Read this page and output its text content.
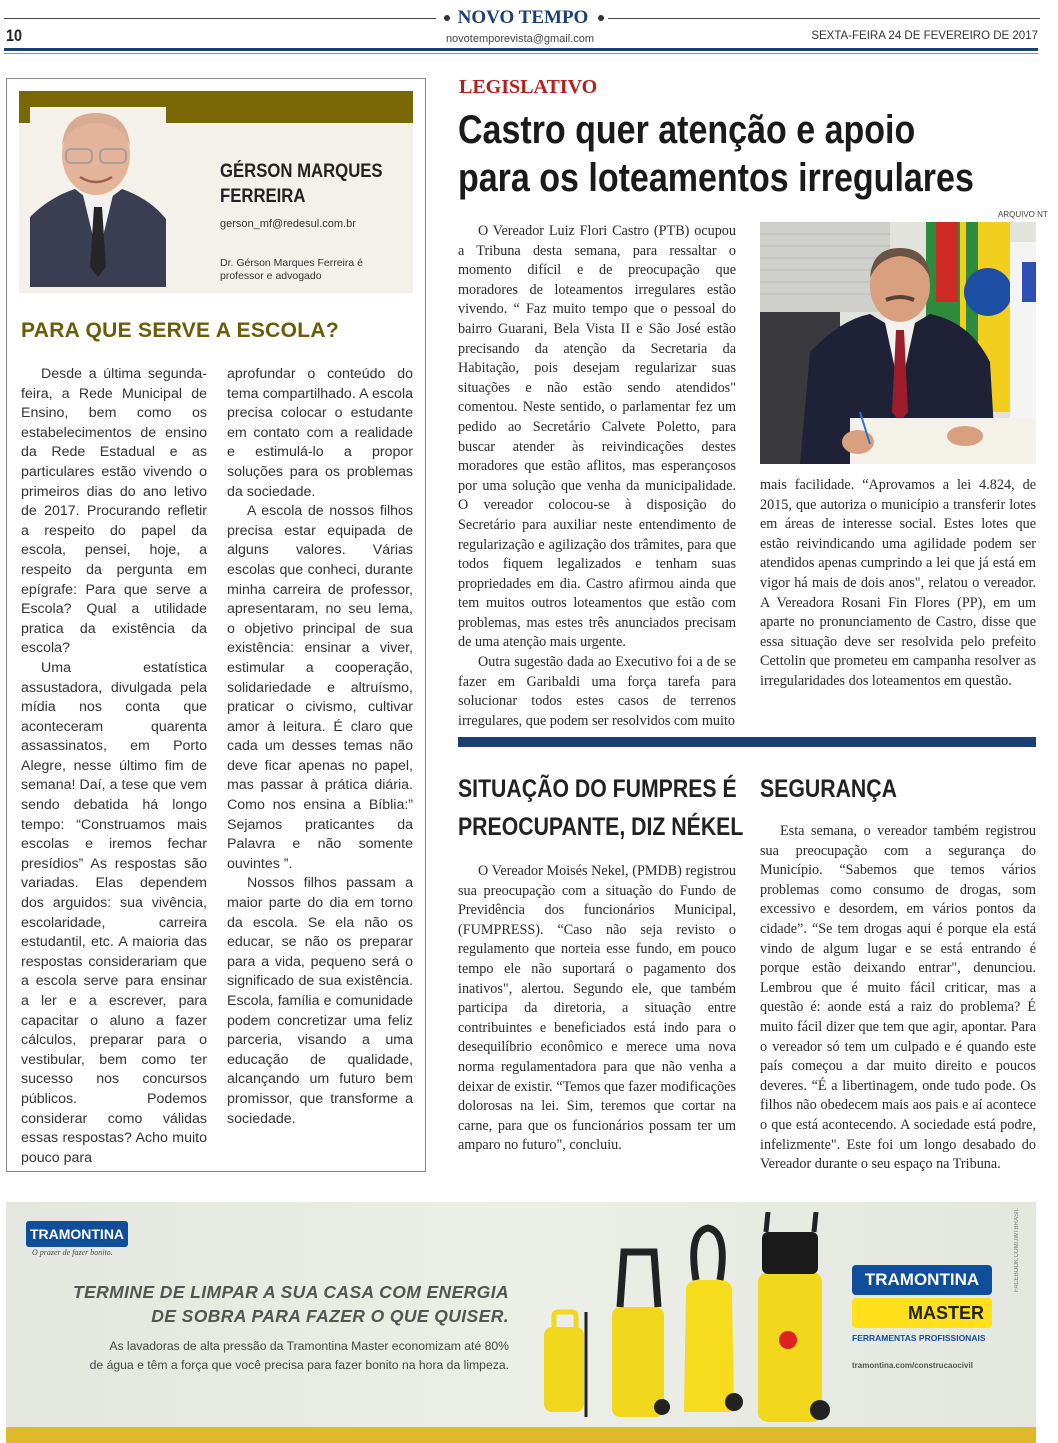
NOVO TEMPO
10	novotemporevista@gmail.com	SEXTA-FEIRA 24 DE FEVEREIRO DE 2017
GÉRSON MARQUES
FERREIRA
gerson_mf@redesul.com.br
Dr. Gérson Marques Ferreira é professor e advogado
PARA QUE SERVE A ESCOLA?

Desde a última segunda-feira, a Rede Municipal de Ensino, bem como os estabelecimentos de ensino da Rede Estadual e as particulares estão vivendo o primeiros dias do ano letivo de 2017. Procurando refletir a respeito do papel da escola, pensei, hoje, a respeito da pergunta em epígrafe: Para que serve a Escola? Qual a utilidade pratica da existência da escola?

Uma estatística assustadora, divulgada pela mídia nos conta que aconteceram quarenta assassinatos, em Porto Alegre, nesse último fim de semana! Daí, a tese que vem sendo debatida há longo tempo: “Construamos mais escolas e iremos fechar presídios” As respostas são variadas. Elas dependem dos arguidos: sua vivência, escolaridade, carreira estudantil, etc. A maioria das respostas considerariam que a escola serve para ensinar a ler e a escrever, para capacitar o aluno a fazer cálculos, preparar para o vestibular, bem como ter sucesso nos concursos públicos. Podemos considerar como válidas essas respostas? Acho muito pouco para

aprofundar o conteúdo do tema compartilhado. A escola precisa colocar o estudante em contato com a realidade e estimulá-lo a propor soluções para os problemas da sociedade.

A escola de nossos filhos precisa estar equipada de alguns valores. Várias escolas que conheci, durante minha carreira de professor, apresentaram, no seu lema, o objetivo principal de sua existência: ensinar a viver, estimular a cooperação, solidariedade e altruísmo, praticar o civismo, cultivar amor à leitura. É claro que cada um desses temas não deve ficar apenas no papel, mas passar à prática diária. Como nos ensina a Bíblia:” Sejamos praticantes da Palavra e não somente ouvintes ”.

Nossos filhos passam a maior parte do dia em torno da escola. Se ela não os educar, se não os preparar para a vida, pequeno será o significado de sua existência. Escola, família e comunidade podem concretizar uma feliz parceria, visando a uma educação de qualidade, alcançando um futuro bem promissor, que transforme a sociedade.

LEGISLATIVO
Castro quer atenção e apoio
para os loteamentos irregulares
ARQUIVO NT

O Vereador Luiz Flori Castro (PTB) ocupou a Tribuna desta semana, para ressaltar o momento difícil e de preocupação que moradores de loteamentos irregulares estão vivendo. “ Faz muito tempo que o pessoal do bairro Guarani, Bela Vista II e São José estão precisando da atenção da Secretaria da Habitação, pois desejam regularizar suas situações e não estão sendo atendidos" comentou. Neste sentido, o parlamentar fez um pedido ao Secretário Calvete Poletto, para buscar atender às reivindicações destes moradores que estão aflitos, mas esperançosos por uma solução que venha da municipalidade. O vereador colocou-se à disposição do Secretário para auxiliar neste entendimento de regularização e agilização dos trâmites, para que todos fiquem legalizados e tenham suas propriedades em dia. Castro afirmou ainda que tem muitos outros loteamentos que estão com problemas, mas estes três anunciados precisam de uma atenção mais urgente.

Outra sugestão dada ao Executivo foi a de se fazer em Garibaldi uma força tarefa para solucionar todos estes casos de terrenos irregulares, que podem ser resolvidos com muito

mais facilidade. “Aprovamos a lei 4.824, de 2015, que autoriza o município a transferir lotes em áreas de interesse social. Estes lotes que estão reivindicando uma agilidade podem ser atendidos apenas cumprindo a lei que já está em vigor há mais de dois anos", relatou o vereador. A Vereadora Rosani Fin Flores (PP), em um aparte no pronunciamento de Castro, disse que essa situação deve ser resolvida pelo prefeito Cettolin que prometeu em campanha resolver as irregularidades dos loteamentos em questão.

SITUAÇÃO DO FUMPRES É
PREOCUPANTE, DIZ NÉKEL

O Vereador Moisés Nekel, (PMDB) registrou sua preocupação com a situação do Fundo de Previdência dos funcionários Municipal, (FUMPRESS). “Caso não seja revisto o regulamento que norteia esse fundo, em pouco tempo ele não suportará o pagamento dos inativos", alertou. Segundo ele, que também participa da diretoria, a situação entre contribuintes e beneficiados está indo para o desequilíbrio econômico e merece uma nova norma regulamentadora para que não venha a deixar de existir. “Temos que fazer modificações dolorosas na lei. Sim, teremos que cortar na carne, para que os funcionários possam ter um amparo no futuro", concluiu.

SEGURANÇA

Esta semana, o vereador também registrou sua preocupação com a segurança do Município. “Sabemos que temos vários problemas como consumo de drogas, som excessivo e desordem, em vários pontos da cidade”. “Se tem drogas aqui é porque ela está vindo de algum lugar e se está entrando é porque estão deixando entrar", denunciou. Lembrou que é muito fácil criticar, mas a questão é: aonde está a raiz do problema? É muito fácil dizer que tem que agir, apontar. Para o vereador só tem um culpado e é quando este país começou a dar muito direito e poucos deveres. “É a libertinagem, onde tudo pode. Os filhos não obedecem mais aos pais e aí acontece o que está acontecendo. A sociedade está podre, infelizmente". Este foi um longo desabado do Vereador durante o seu espaço na Tribuna.

TRAMONTINA
O prazer de fazer bonito.
TERMINE DE LIMPAR A SUA CASA COM ENERGIA
DE SOBRA PARA FAZER O QUE QUISER.
As lavadoras de alta pressão da Tramontina Master economizam até 80%
de água e têm a força que você precisa para fazer bonito na hora da limpeza.
TRAMONTINA
MASTER
FERRAMENTAS PROFISSIONAIS
tramontina.com/construcaocivil
FACEBOOK.COM/JWTBRASIL
